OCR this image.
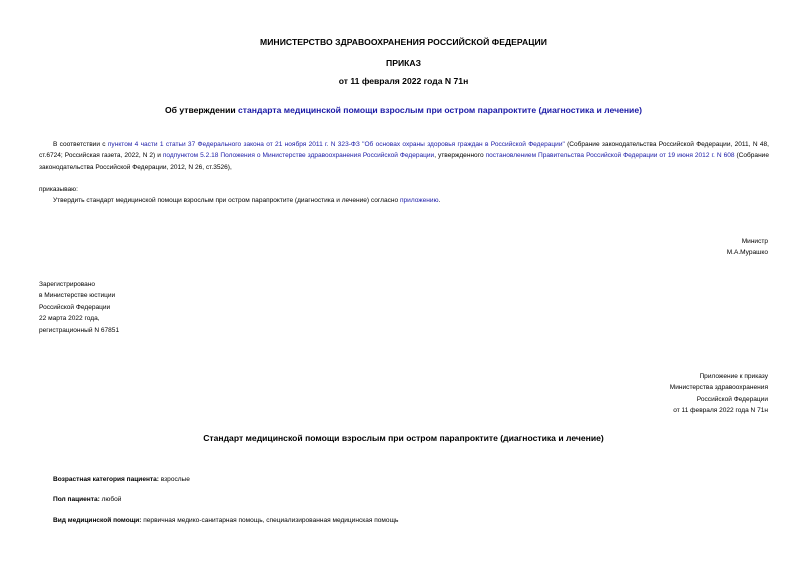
МИНИСТЕРСТВО ЗДРАВООХРАНЕНИЯ РОССИЙСКОЙ ФЕДЕРАЦИИ
ПРИКАЗ
от 11 февраля 2022 года N 71н
Об утверждении стандарта медицинской помощи взрослым при остром парапроктите (диагностика и лечение)
В соответствии с пунктом 4 части 1 статьи 37 Федерального закона от 21 ноября 2011 г. N 323-ФЗ "Об основах охраны здоровья граждан в Российской Федерации" (Собрание законодательства Российской Федерации, 2011, N 48, ст.6724; Российская газета, 2022, N 2) и подпунктом 5.2.18 Положения о Министерстве здравоохранения Российской Федерации, утвержденного постановлением Правительства Российской Федерации от 19 июня 2012 г. N 608 (Собрание законодательства Российской Федерации, 2012, N 26, ст.3526),
приказываю:
Утвердить стандарт медицинской помощи взрослым при остром парапроктите (диагностика и лечение) согласно приложению.
Министр
М.А.Мурашко
Зарегистрировано
в Министерстве юстиции
Российской Федерации
22 марта 2022 года,
регистрационный N 67851
Приложение к приказу
Министерства здравоохранения
Российской Федерации
от 11 февраля 2022 года N 71н
Стандарт медицинской помощи взрослым при остром парапроктите (диагностика и лечение)
Возрастная категория пациента: взрослые
Пол пациента: любой
Вид медицинской помощи: первичная медико-санитарная помощь, специализированная медицинская помощь
